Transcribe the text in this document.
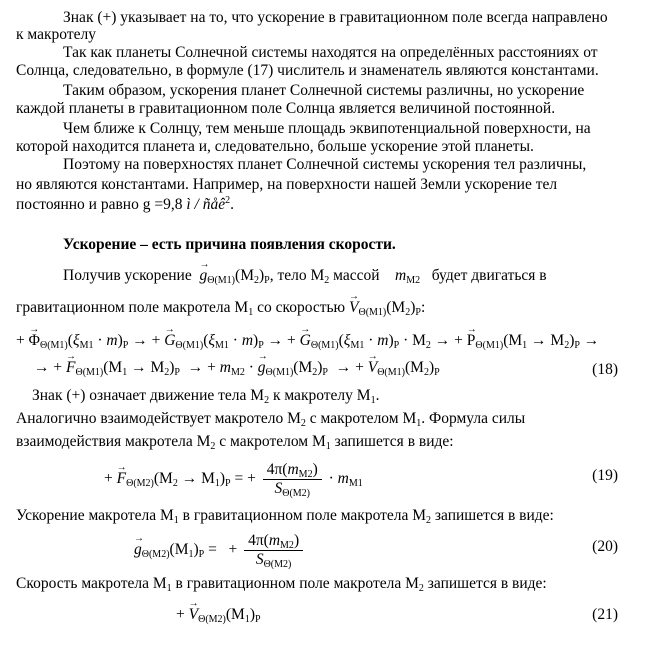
Знак (+) указывает на то, что ускорение в гравитационном поле всегда направлено
к макротелу
Так как планеты Солнечной системы находятся на определённых расстояниях от
Солнца, следовательно, в формуле (17) числитель и знаменатель являются константами.
Таким образом, ускорения планет Солнечной системы различны, но ускорение
каждой планеты в гравитационном поле Солнца является величиной постоянной.
Чем ближе к Солнцу, тем меньше площадь эквипотенциальной поверхности, на
которой находится планета и, следовательно, больше ускорение этой планеты.
Поэтому на поверхностях планет Солнечной системы ускорения тел различны,
но являются константами. Например, на поверхности нашей Земли ускорение тел
постоянно и равно g =9,8 ì / ñåê$^2$.
Ускорение – есть причина появления скорости.
Получив ускорение → $g_{\Theta(M1)}(M_2)_P$, тело $M_2$ массой $m_{M2}$ будет двигаться в
гравитационном поле макротела $M_1$ со скоростью → $V_{\Theta(M1)}(M_2)_P$:
+ → $\Phi_{\Theta(M1)}(\xi_{M1} \cdot m)_P$ → + → $G_{\Theta(M1)}(\xi_{M1} \cdot m)_P$ → + → $G_{\Theta(M1)}(\xi_{M1} \cdot m)_P \cdot M_2$ → + → $P_{\Theta(M1)}(M_1 \to M_2)_P$ →
→ + → $F_{\Theta(M1)}(M_1 \to M_2)_P$  → + $m_{M2}$ · → $g_{\Theta(M1)}(M_2)_P$  → + → $V_{\Theta(M1)}(M_2)_P$	(18)
Знак (+) означает движение тела $M_2$ к макротелу $M_1$.
Аналогично взаимодействует макротело $M_2$ с макротелом $M_1$. Формула силы
взаимодействия макротела $M_2$ с макротелом $M_1$ запишется в виде:
+ → $F_{\Theta(M2)}(M_2 \to M_1)_P$ = + $\frac{4\pi(m_{M2})}{S_{\Theta(M2)}} \cdot m_{M1}$	(19)
Ускорение макротела $M_1$ в гравитационном поле макротела $M_2$ запишется в виде:
→ $g_{\Theta(M2)}(M_1)_P$ =   + $\frac{4\pi(m_{M2})}{S_{\Theta(M2)}}$	(20)
Скорость макротела $M_1$ в гравитационном поле макротела $M_2$ запишется в виде:
+ → $V_{\Theta(M2)}(M_1)_P$	(21)
